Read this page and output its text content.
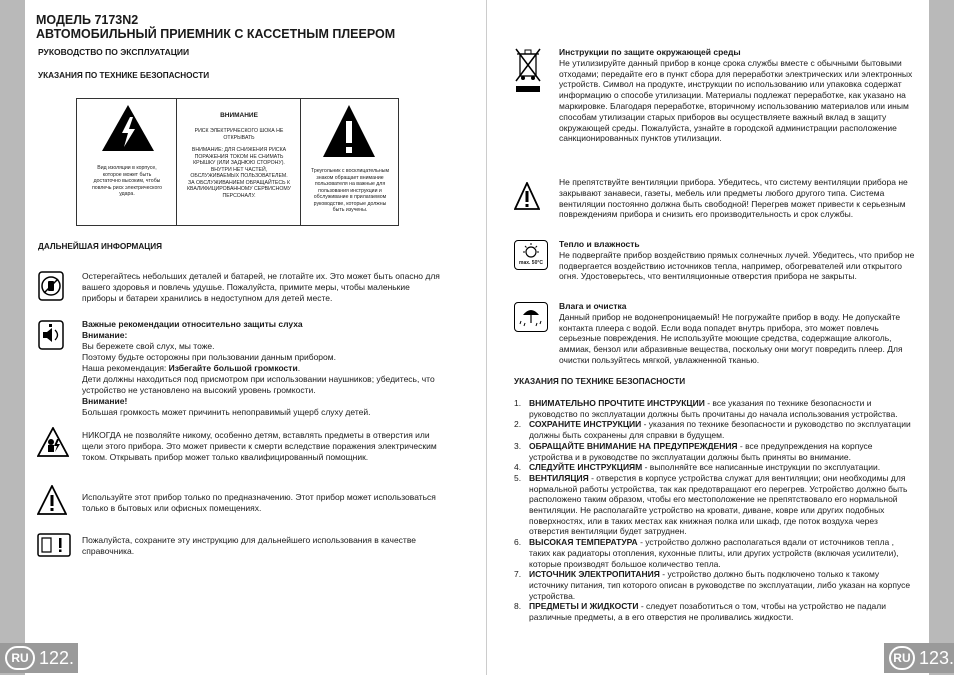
МОДЕЛЬ 7173N2
АВТОМОБИЛЬНЫЙ ПРИЕМНИК С КАССЕТНЫМ ПЛЕЕРОМ
РУКОВОДСТВО ПО ЭКСПЛУАТАЦИИ
УКАЗАНИЯ ПО ТЕХНИКЕ БЕЗОПАСНОСТИ
Вид изоляции в корпусе, которое может быть достаточно высоким, чтобы повлечь риск электрического удара.
ВНИМАНИЕ
РИСК ЭЛЕКТРИЧЕСКОГО ШОКА НЕ ОТКРЫВАТЬ
ВНИМАНИЕ: ДЛЯ СНИЖЕНИЯ РИСКА ПОРАЖЕНИЯ ТОКОМ НЕ СНИМАТЬ КРЫШКУ (ИЛИ ЗАДНЮЮ СТОРОНУ). ВНУТРИ НЕТ ЧАСТЕЙ, ОБСЛУЖИВАЕМЫХ ПОЛЬЗОВАТЕЛЕМ. ЗА ОБСЛУЖИВАНИЕМ ОБРАЩАЙТЕСЬ К КВАЛИФИЦИРОВАННОМУ СЕРВИСНОМУ ПЕРСОНАЛУ.
Треугольник с восклицательным знаком обращает внимание пользователя на важные для пользования инструкции и обслуживание в прилагаемом руководстве, которые должны быть изучены.
ДАЛЬНЕЙШАЯ ИНФОРМАЦИЯ
Остерегайтесь небольших деталей и батарей, не глотайте их. Это может быть опасно для вашего здоровья и повлечь удушье. Пожалуйста, примите меры, чтобы маленькие приборы и батареи хранились в недоступном для детей месте.
Важные рекомендации относительно защиты слуха
Внимание:
Вы бережете свой слух, мы тоже.
Поэтому будьте осторожны при пользовании данным прибором.
Наша рекомендация: Избегайте большой громкости.
Дети должны находиться под присмотром при использовании наушников; убедитесь, что устройство не установлено на высокий уровень громкости.
Внимание!
Большая громкость может причинить непоправимый ущерб слуху детей.
НИКОГДА не позволяйте никому, особенно детям, вставлять предметы в отверстия или щели этого прибора. Это может привести к смерти вследствие поражения электрическим током. Открывать прибор может только квалифицированный помощник.
Используйте этот прибор только по предназначению. Этот прибор может использоваться только в бытовых или офисных помещениях.
Пожалуйста, сохраните эту инструкцию для дальнейшего использования в качестве справочника.
RU 122.	RU 123.
Инструкции по защите окружающей среды
Не утилизируйте данный прибор в конце срока службы вместе с обычными бытовыми отходами; передайте его в пункт сбора для переработки электрических или электронных устройств. Символ на продукте, инструкции по использованию или упаковка содержат информацию о способе утилизации. Материалы подлежат переработке, как указано на маркировке. Благодаря переработке, вторичному использованию материалов или иным способам утилизации старых приборов вы осуществляете важный вклад в защиту окружающей среды. Пожалуйста, узнайте в городской администрации расположение санкционированных пунктов утилизации.
Не препятствуйте вентиляции прибора. Убедитесь, что систему вентиляции прибора не закрывают занавеси, газеты, мебель или предметы любого другого типа. Система вентиляции постоянно должна быть свободной! Перегрев может привести к серьезным повреждениям прибора и снизить его производительность и срок службы.
max. 50°C
Тепло и влажность
Не подвергайте прибор воздействию прямых солнечных лучей. Убедитесь, что прибор не подвергается воздействию источников тепла, например, обогревателей или открытого огня. Удостоверьтесь, что вентиляционные отверстия прибора не закрыты.
Влага и очистка
Данный прибор не водонепроницаемый! Не погружайте прибор в воду. Не допускайте контакта плеера с водой. Если вода попадет внутрь прибора, это может повлечь серьезные повреждения. Не используйте моющие средства, содержащие алкоголь, аммиак, бензол или абразивные вещества, поскольку они могут повредить плеер. Для очистки пользуйтесь мягкой, увлажненной тканью.
УКАЗАНИЯ ПО ТЕХНИКЕ БЕЗОПАСНОСТИ
1. ВНИМАТЕЛЬНО ПРОЧТИТЕ ИНСТРУКЦИИ - все указания по технике безопасности и руководство по эксплуатации должны быть прочитаны до начала использования устройства.
2. СОХРАНИТЕ ИНСТРУКЦИИ - указания по технике безопасности и руководство по эксплуатации должны быть сохранены для справки в будущем.
3. ОБРАЩАЙТЕ ВНИМАНИЕ НА ПРЕДУПРЕЖДЕНИЯ - все предупреждения на корпусе устройства и в руководстве по эксплуатации должны быть приняты во внимание.
4. СЛЕДУЙТЕ ИНСТРУКЦИЯМ - выполняйте все написанные инструкции по эксплуатации.
5. ВЕНТИЛЯЦИЯ - отверстия в корпусе устройства служат для вентиляции; они необходимы для нормальной работы устройства, так как предотвращают его перегрев. Устройство должно быть расположено таким образом, чтобы его местоположение не препятствовало его нормальной вентиляции. Не располагайте устройство на кровати, диване, ковре или других подобных поверхностях, или в таких местах как книжная полка или шкаф, где поток воздуха через отверстия вентиляции будет затруднен.
6. ВЫСОКАЯ ТЕМПЕРАТУРА - устройство должно располагаться вдали от источников тепла , таких как радиаторы отопления, кухонные плиты, или других устройств (включая усилители), которые производят большое количество тепла.
7. ИСТОЧНИК ЭЛЕКТРОПИТАНИЯ - устройство должно быть подключено только к такому источнику питания, тип которого описан в руководстве по эксплуатации, либо указан на корпусе устройства.
8. ПРЕДМЕТЫ И ЖИДКОСТИ - следует позаботиться о том, чтобы на устройство не падали различные предметы, а в его отверстия не проливались жидкости.
